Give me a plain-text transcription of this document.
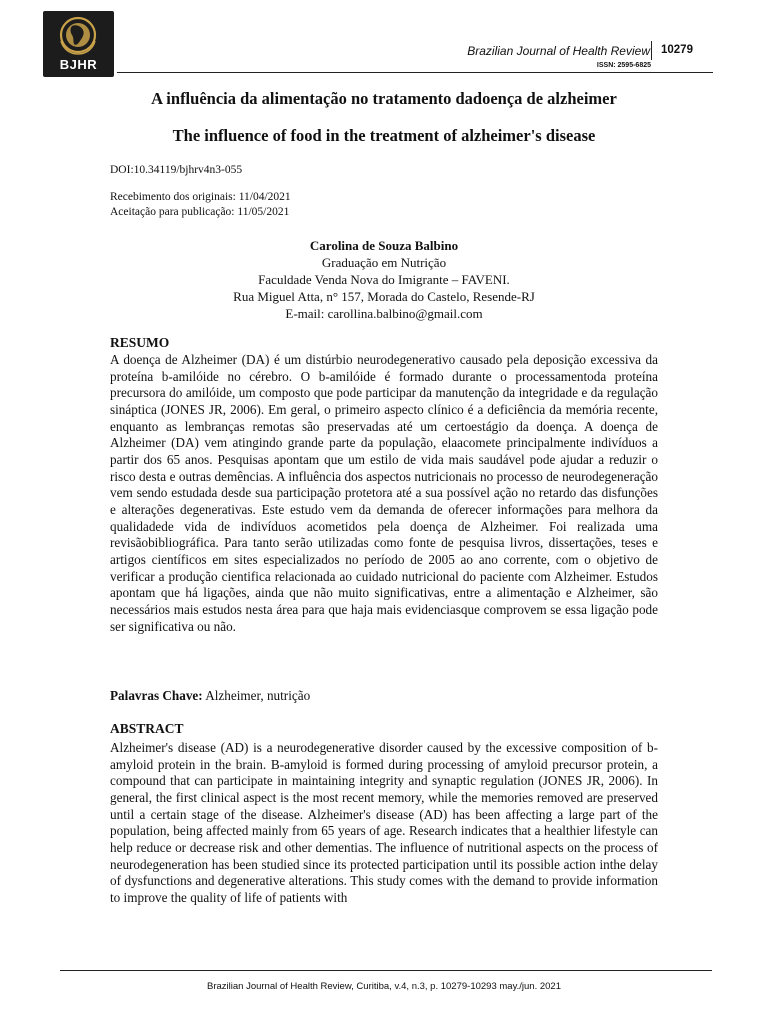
BJHR
Brazilian Journal of Health Review 10279
ISSN: 2595-6825
A influência da alimentação no tratamento dadoença de alzheimer
The influence of food in the treatment of alzheimer's disease
DOI:10.34119/bjhrv4n3-055
Recebimento dos originais: 11/04/2021
Aceitação para publicação: 11/05/2021
Carolina de Souza Balbino
Graduação em Nutrição
Faculdade Venda Nova do Imigrante – FAVENI.
Rua Miguel Atta, n° 157, Morada do Castelo, Resende-RJ
E-mail: carollina.balbino@gmail.com
RESUMO

A doença de Alzheimer (DA) é um distúrbio neurodegenerativo causado pela deposição excessiva da proteína b-amilóide no cérebro. O b-amilóide é formado durante o processamentoda proteína precursora do amilóide, um composto que pode participar da manutenção da integridade e da regulação sináptica (JONES JR, 2006). Em geral, o primeiro aspecto clínico é a deficiência da memória recente, enquanto as lembranças remotas são preservadas até um certoestágio da doença. A doença de Alzheimer (DA) vem atingindo grande parte da população, elaacomete principalmente indivíduos a partir dos 65 anos. Pesquisas apontam que um estilo de vida mais saudável pode ajudar a reduzir o risco desta e outras demências. A influência dos aspectos nutricionais no processo de neurodegeneração vem sendo estudada desde sua participação protetora até a sua possível ação no retardo das disfunções e alterações degenerativas. Este estudo vem da demanda de oferecer informações para melhora da qualidadede vida de indivíduos acometidos pela doença de Alzheimer. Foi realizada uma revisãobibliográfica. Para tanto serão utilizadas como fonte de pesquisa livros, dissertações, teses e artigos científicos em sites especializados no período de 2005 ao ano corrente, com o objetivo de verificar a produção cientifica relacionada ao cuidado nutricional do paciente com Alzheimer. Estudos apontam que há ligações, ainda que não muito significativas, entre a alimentação e Alzheimer, são necessários mais estudos nesta área para que haja mais evidenciasque comprovem se essa ligação pode ser significativa ou não.

Palavras Chave: Alzheimer, nutrição
ABSTRACT

Alzheimer's disease (AD) is a neurodegenerative disorder caused by the excessive composition of b-amyloid protein in the brain. B-amyloid is formed during processing of amyloid precursor protein, a compound that can participate in maintaining integrity and synaptic regulation (JONES JR, 2006). In general, the first clinical aspect is the most recent memory, while the memories removed are preserved until a certain stage of the disease. Alzheimer's disease (AD) has been affecting a large part of the population, being affected mainly from 65 years of age. Research indicates that a healthier lifestyle can help reduce or decrease risk and other dementias. The influence of nutritional aspects on the process of neurodegeneration has been studied since its protected participation until its possible action inthe delay of dysfunctions and degenerative alterations. This study comes with the demand to provide information to improve the quality of life of patients with

Brazilian Journal of Health Review, Curitiba, v.4, n.3, p. 10279-10293 may./jun. 2021
